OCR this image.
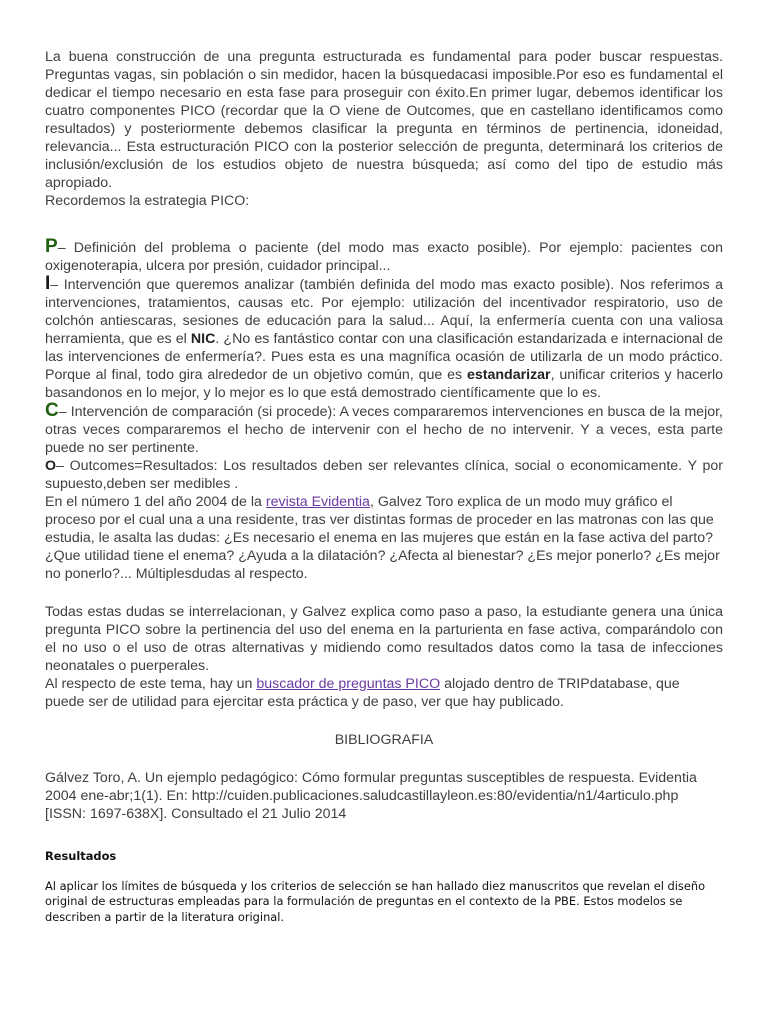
La buena construcción de una pregunta estructurada es fundamental para poder buscar respuestas. Preguntas vagas, sin población o sin medidor, hacen la búsquedacasi imposible.Por eso es fundamental el dedicar el tiempo necesario en esta fase para proseguir con éxito.En primer lugar, debemos identificar los cuatro componentes PICO (recordar que la O viene de Outcomes, que en castellano identificamos como resultados) y posteriormente debemos clasificar la pregunta en términos de pertinencia, idoneidad, relevancia... Esta estructuración PICO con la posterior selección de pregunta, determinará los criterios de inclusión/exclusión de los estudios objeto de nuestra búsqueda; así como del tipo de estudio más apropiado.

Recordemos la estrategia PICO:

P– Definición del problema o paciente (del modo mas exacto posible). Por ejemplo: pacientes con oxigenoterapia, ulcera por presión, cuidador principal...

I– Intervención que queremos analizar (también definida del modo mas exacto posible). Nos referimos a intervenciones, tratamientos, causas etc. Por ejemplo: utilización del incentivador respiratorio, uso de colchón antiescaras, sesiones de educación para la salud... Aquí, la enfermería cuenta con una valiosa herramienta, que es el NIC. ¿No es fantástico contar con una clasificación estandarizada e internacional de las intervenciones de enfermería?. Pues esta es una magnífica ocasión de utilizarla de un modo práctico. Porque al final, todo gira alrededor de un objetivo común, que es estandarizar, unificar criterios y hacerlo basandonos en lo mejor, y lo mejor es lo que está demostrado científicamente que lo es.

C– Intervención de comparación (si procede): A veces compararemos intervenciones en busca de la mejor, otras veces compararemos el hecho de intervenir con el hecho de no intervenir. Y a veces, esta parte puede no ser pertinente.

O– Outcomes=Resultados: Los resultados deben ser relevantes clínica, social o economicamente. Y por supuesto,deben ser medibles .

En el número 1 del año 2004 de la revista Evidentia, Galvez Toro explica de un modo muy gráfico el proceso por el cual una a una residente, tras ver distintas formas de proceder en las matronas con las que estudia, le asalta las dudas: ¿Es necesario el enema en las mujeres que están en la fase activa del parto?¿Que utilidad tiene el enema? ¿Ayuda a la dilatación? ¿Afecta al bienestar? ¿Es mejor ponerlo? ¿Es mejor no ponerlo?... Múltiplesdudas al respecto.

Todas estas dudas se interrelacionan, y Galvez explica como paso a paso, la estudiante genera una única pregunta PICO sobre la pertinencia del uso del enema en la parturienta en fase activa, comparándolo con el no uso o el uso de otras alternativas y midiendo como resultados datos como la tasa de infecciones neonatales o puerperales.

Al respecto de este tema, hay un buscador de preguntas PICO alojado dentro de TRIPdatabase, que puede ser de utilidad para ejercitar esta práctica y de paso, ver que hay publicado.

BIBLIOGRAFIA

Gálvez Toro, A. Un ejemplo pedagógico: Cómo formular preguntas susceptibles de respuesta. Evidentia 2004 ene-abr;1(1). En: http://cuiden.publicaciones.saludcastillayleon.es:80/evidentia/n1/4articulo.php [ISSN: 1697-638X]. Consultado el 21 Julio 2014

Resultados

Al aplicar los límites de búsqueda y los criterios de selección se han hallado diez manuscritos que revelan el diseño original de estructuras empleadas para la formulación de preguntas en el contexto de la PBE. Estos modelos se describen a partir de la literatura original.
